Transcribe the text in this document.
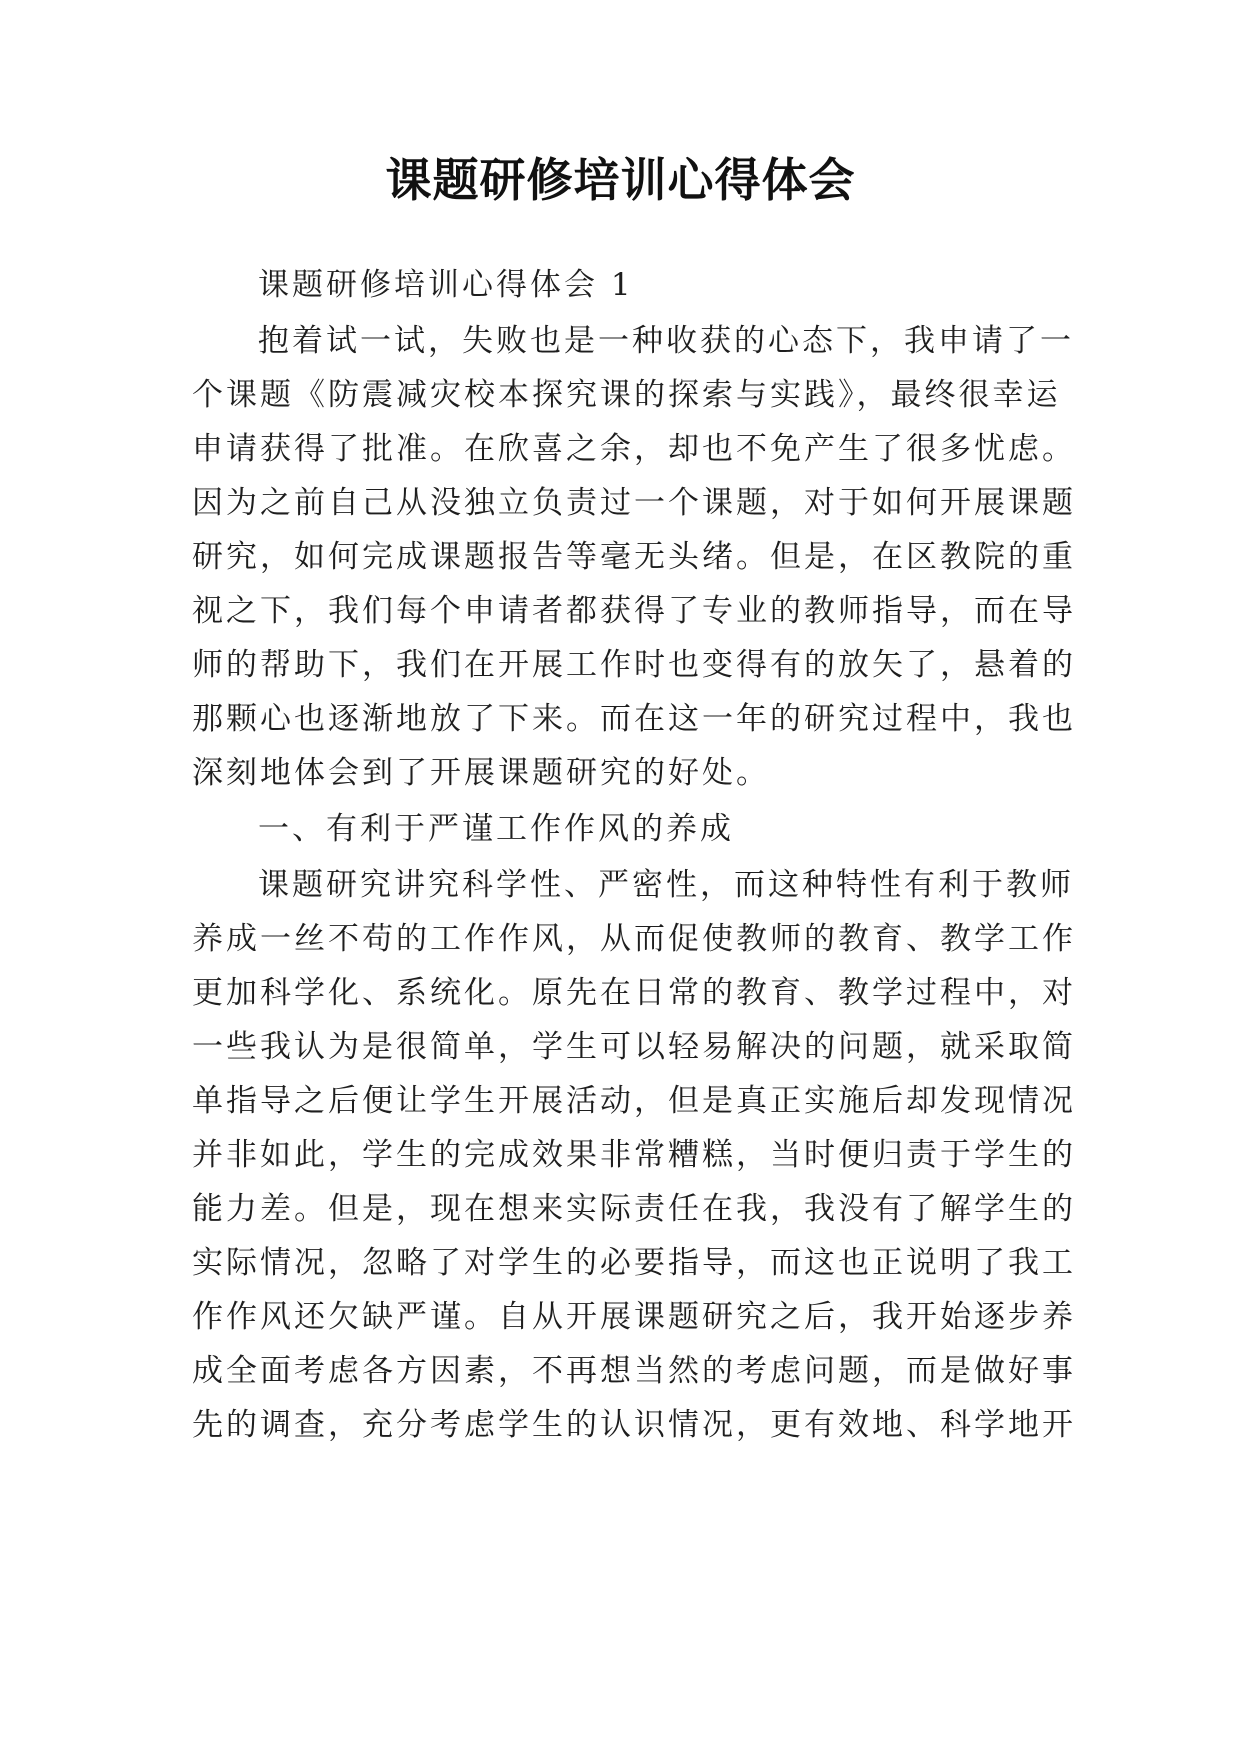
课题研修培训心得体会
课题研修培训心得体会 1
抱着试一试，失败也是一种收获的心态下，我申请了一
个课题《防震减灾校本探究课的探索与实践》，最终很幸运
申请获得了批准。在欣喜之余，却也不免产生了很多忧虑。
因为之前自己从没独立负责过一个课题，对于如何开展课题
研究，如何完成课题报告等毫无头绪。但是，在区教院的重
视之下，我们每个申请者都获得了专业的教师指导，而在导
师的帮助下，我们在开展工作时也变得有的放矢了，悬着的
那颗心也逐渐地放了下来。而在这一年的研究过程中，我也
深刻地体会到了开展课题研究的好处。
一、有利于严谨工作作风的养成
课题研究讲究科学性、严密性，而这种特性有利于教师
养成一丝不苟的工作作风，从而促使教师的教育、教学工作
更加科学化、系统化。原先在日常的教育、教学过程中，对
一些我认为是很简单，学生可以轻易解决的问题，就采取简
单指导之后便让学生开展活动，但是真正实施后却发现情况
并非如此，学生的完成效果非常糟糕，当时便归责于学生的
能力差。但是，现在想来实际责任在我，我没有了解学生的
实际情况，忽略了对学生的必要指导，而这也正说明了我工
作作风还欠缺严谨。自从开展课题研究之后，我开始逐步养
成全面考虑各方因素，不再想当然的考虑问题，而是做好事
先的调查，充分考虑学生的认识情况，更有效地、科学地开
